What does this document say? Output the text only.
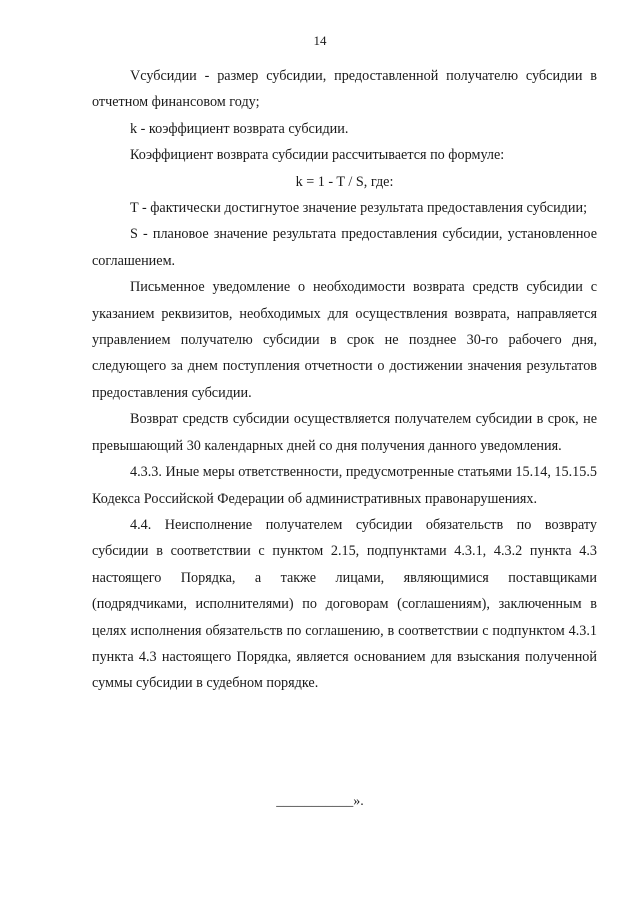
14

Vсубсидии - размер субсидии, предоставленной получателю субсидии в отчетном финансовом году;

k - коэффициент возврата субсидии.

Коэффициент возврата субсидии рассчитывается по формуле:

k = 1 - T / S, где:

T - фактически достигнутое значение результата предоставления субсидии;

S - плановое значение результата предоставления субсидии, установленное соглашением.

Письменное уведомление о необходимости возврата средств субсидии с указанием реквизитов, необходимых для осуществления возврата, направляется управлением получателю субсидии в срок не позднее 30-го рабочего дня, следующего за днем поступления отчетности о достижении значения результатов предоставления субсидии.

Возврат средств субсидии осуществляется получателем субсидии в срок, не превышающий 30 календарных дней со дня получения данного уведомления.

4.3.3. Иные меры ответственности, предусмотренные статьями 15.14, 15.15.5 Кодекса Российской Федерации об административных правонарушениях.

4.4. Неисполнение получателем субсидии обязательств по возврату субсидии в соответствии с пунктом 2.15, подпунктами 4.3.1, 4.3.2 пункта 4.3 настоящего Порядка, а также лицами, являющимися поставщиками (подрядчиками, исполнителями) по договорам (соглашениям), заключенным в целях исполнения обязательств по соглашению, в соответствии с подпунктом 4.3.1 пункта 4.3 настоящего Порядка, является основанием для взыскания полученной суммы субсидии в судебном порядке.

___________».
